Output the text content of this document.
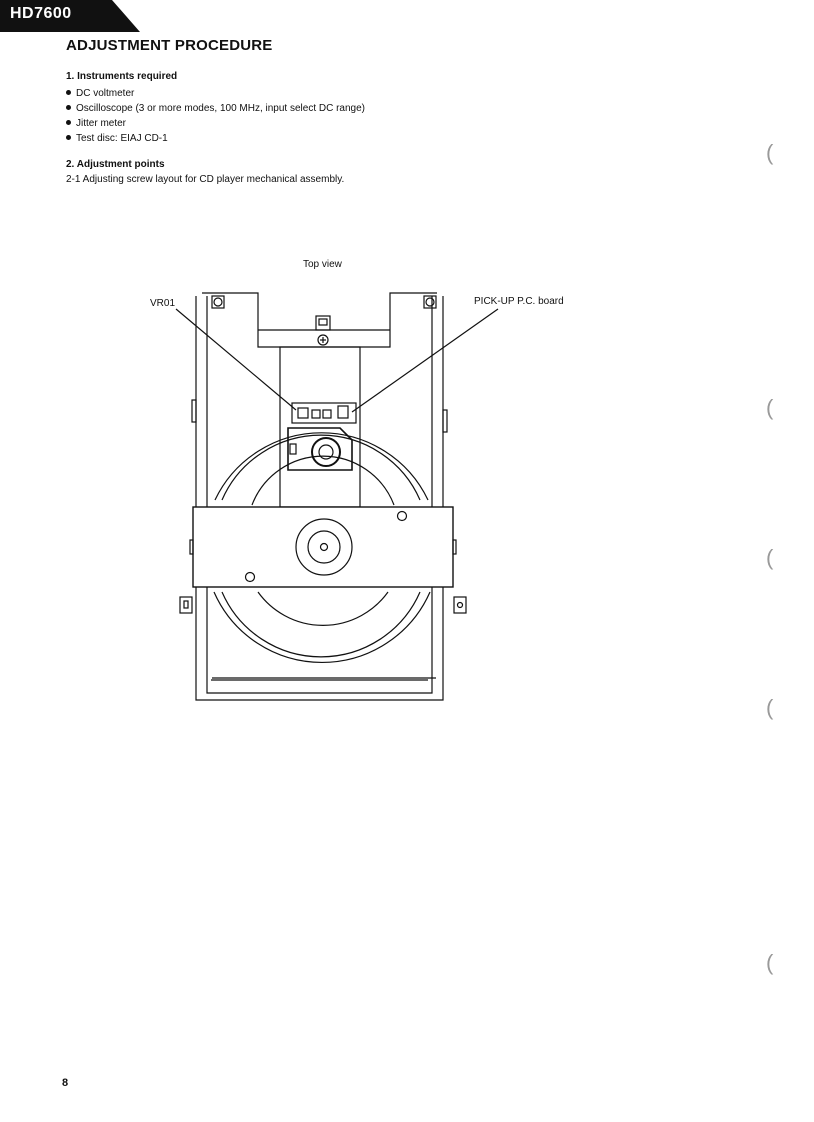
HD7600
ADJUSTMENT PROCEDURE
1. Instruments required
DC voltmeter
Oscilloscope (3 or more modes, 100 MHz, input select DC range)
Jitter meter
Test disc: EIAJ CD-1
2. Adjustment points
2-1 Adjusting screw layout for CD player mechanical assembly.
Top view
VR01	PICK-UP P.C. board
8
(
(
(
(
(
